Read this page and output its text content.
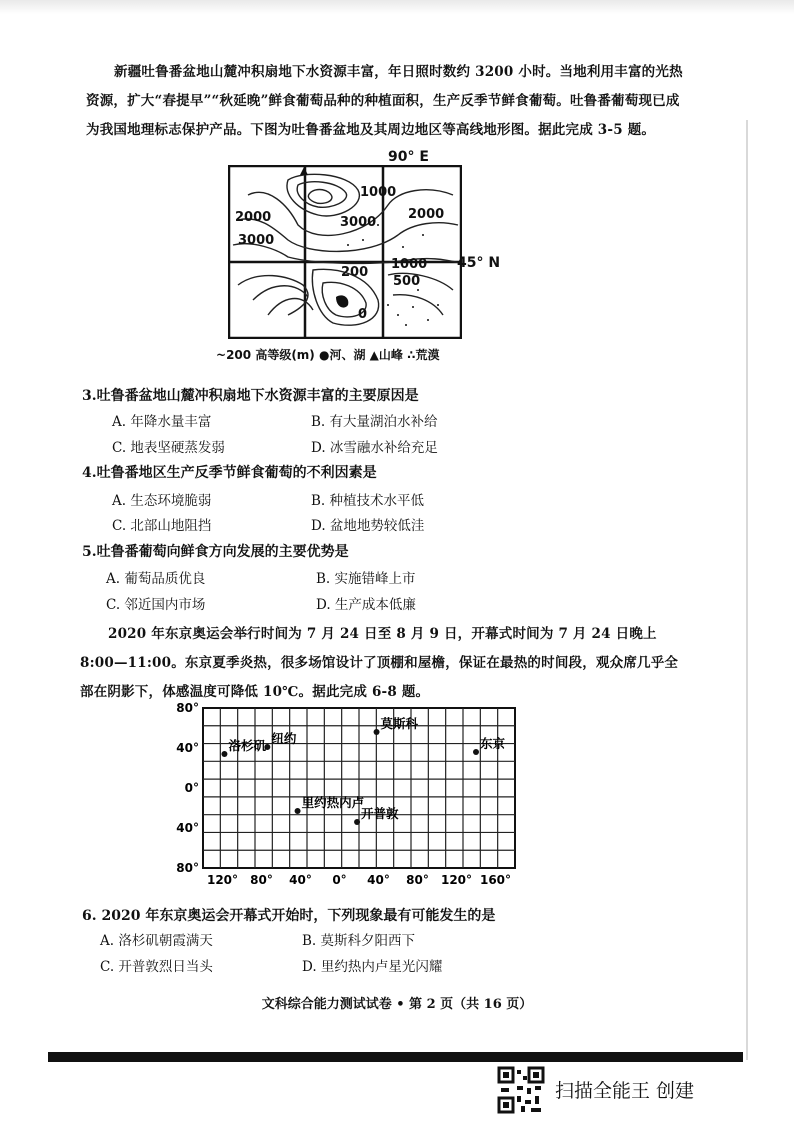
新疆吐鲁番盆地山麓冲积扇地下水资源丰富，年日照时数约 3200 小时。当地利用丰富的光热资源，扩大“春提早”“秋延晚”鲜食葡萄品种的种植面积，生产反季节鲜食葡萄。吐鲁番葡萄现已成为我国地理标志保护产品。下图为吐鲁番盆地及其周边地区等高线地形图。据此完成 3-5 题。

2000
3000
1000
3000
2000
1000
500
200
0
90° E
45° N
~200 高等级(m) ●河、湖 ▲山峰 ∴荒漠
3.吐鲁番盆地山麓冲积扇地下水资源丰富的主要原因是
A. 年降水量丰富	B. 有大量湖泊水补给
C. 地表坚硬蒸发弱	D. 冰雪融水补给充足
4.吐鲁番地区生产反季节鲜食葡萄的不利因素是
A. 生态环境脆弱	B. 种植技术水平低
C. 北部山地阻挡	D. 盆地地势较低洼
5.吐鲁番葡萄向鲜食方向发展的主要优势是
A. 葡萄品质优良	B. 实施错峰上市
C. 邻近国内市场	D. 生产成本低廉

2020 年东京奥运会举行时间为 7 月 24 日至 8 月 9 日，开幕式时间为 7 月 24 日晚上 8:00—11:00。东京夏季炎热，很多场馆设计了顶棚和屋檐，保证在最热的时间段，观众席几乎全部在阴影下，体感温度可降低 10℃。据此完成 6-8 题。

80°
40°
0°
40°
80°
120° 80° 40° 0° 40° 80° 120° 160°
纽约
莫斯科
洛杉矶	东京
里约热内卢
开普敦
6. 2020 年东京奥运会开幕式开始时，下列现象最有可能发生的是
A. 洛杉矶朝霞满天	B. 莫斯科夕阳西下
C. 开普敦烈日当头	D. 里约热内卢星光闪耀
文科综合能力测试试卷 • 第 2 页（共 16 页）
扫描全能王 创建
